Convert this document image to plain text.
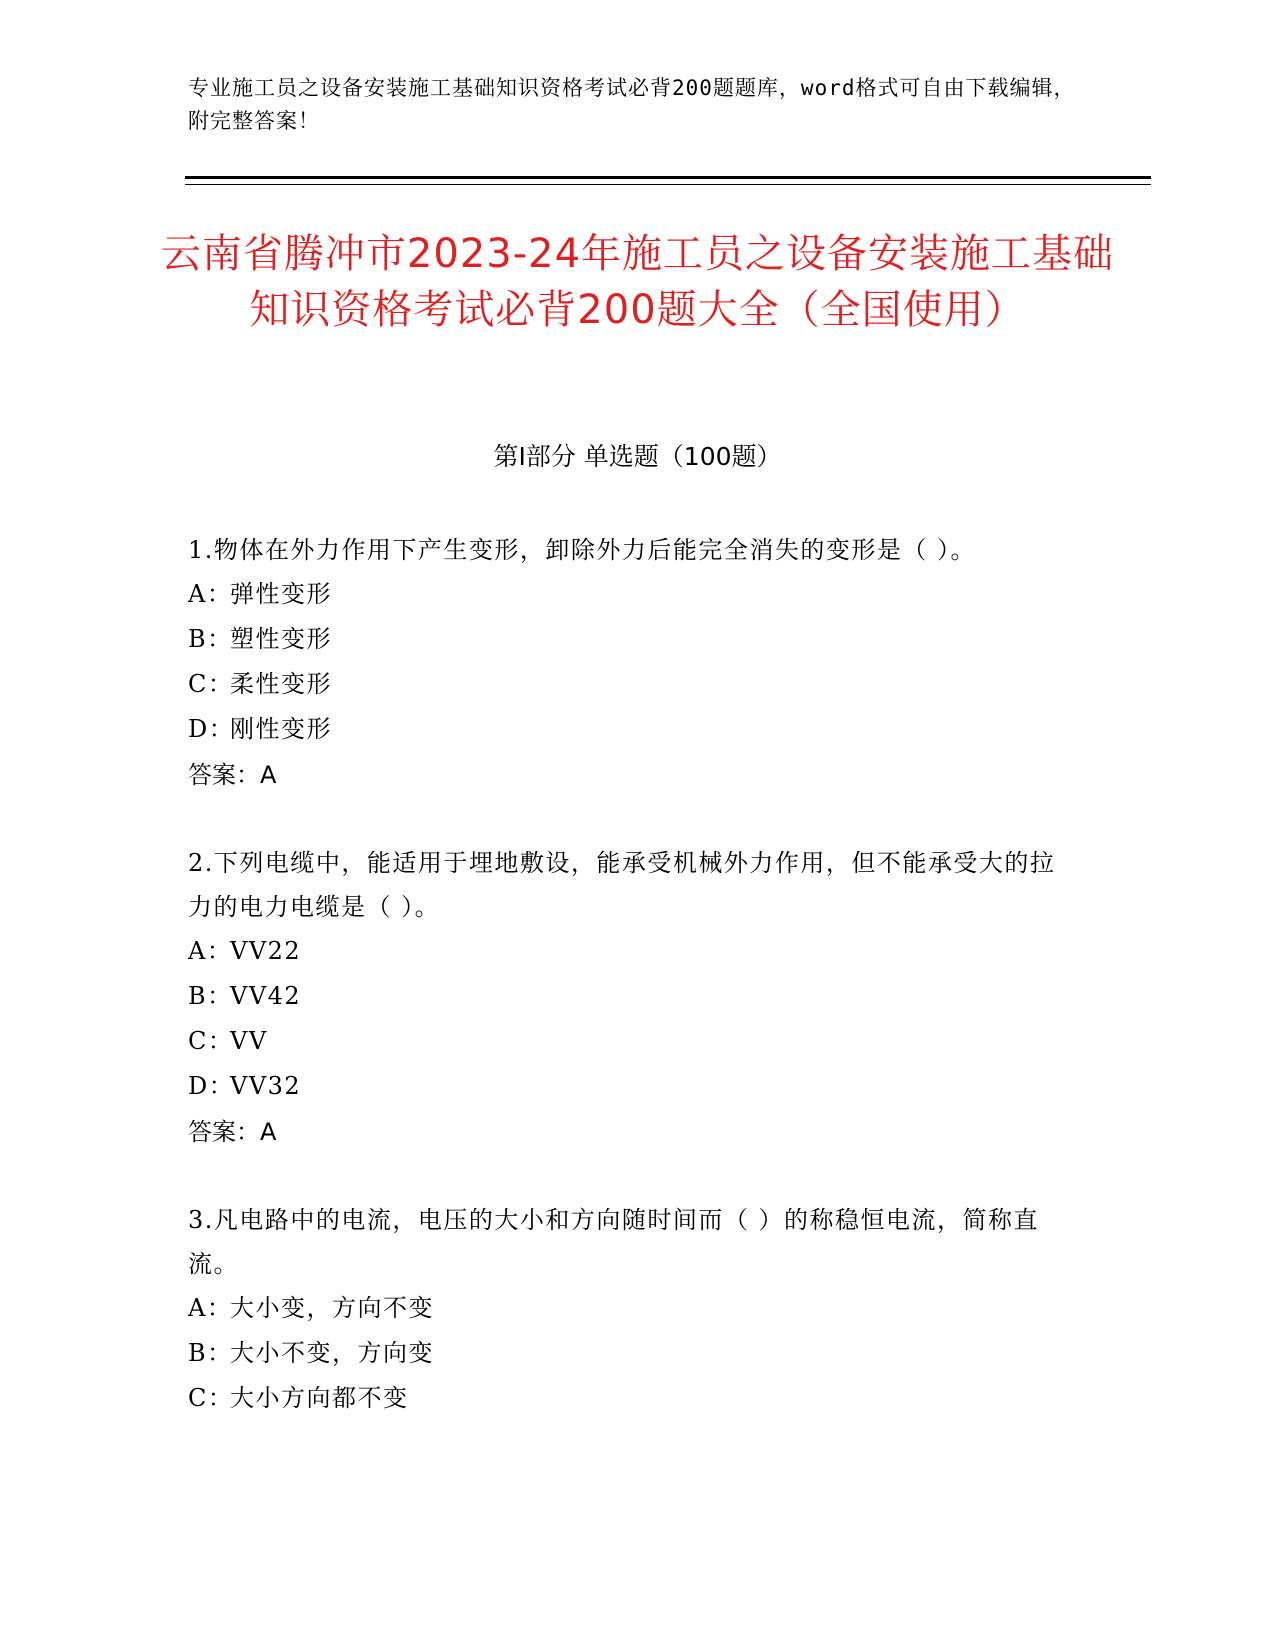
专业施工员之设备安装施工基础知识资格考试必背200题题库，word格式可自由下载编辑，附完整答案！
云南省腾冲市2023-24年施工员之设备安装施工基础知识资格考试必背200题大全（全国使用）
第Ⅰ部分 单选题（100题）
1.物体在外力作用下产生变形，卸除外力后能完全消失的变形是（ ）。
A：弹性变形
B：塑性变形
C：柔性变形
D：刚性变形
答案：A
2.下列电缆中，能适用于埋地敷设，能承受机械外力作用，但不能承受大的拉力的电力电缆是（ ）。
A：VV22
B：VV42
C：VV
D：VV32
答案：A
3.凡电路中的电流，电压的大小和方向随时间而（ ）的称稳恒电流，简称直流。
A：大小变，方向不变
B：大小不变，方向变
C：大小方向都不变
